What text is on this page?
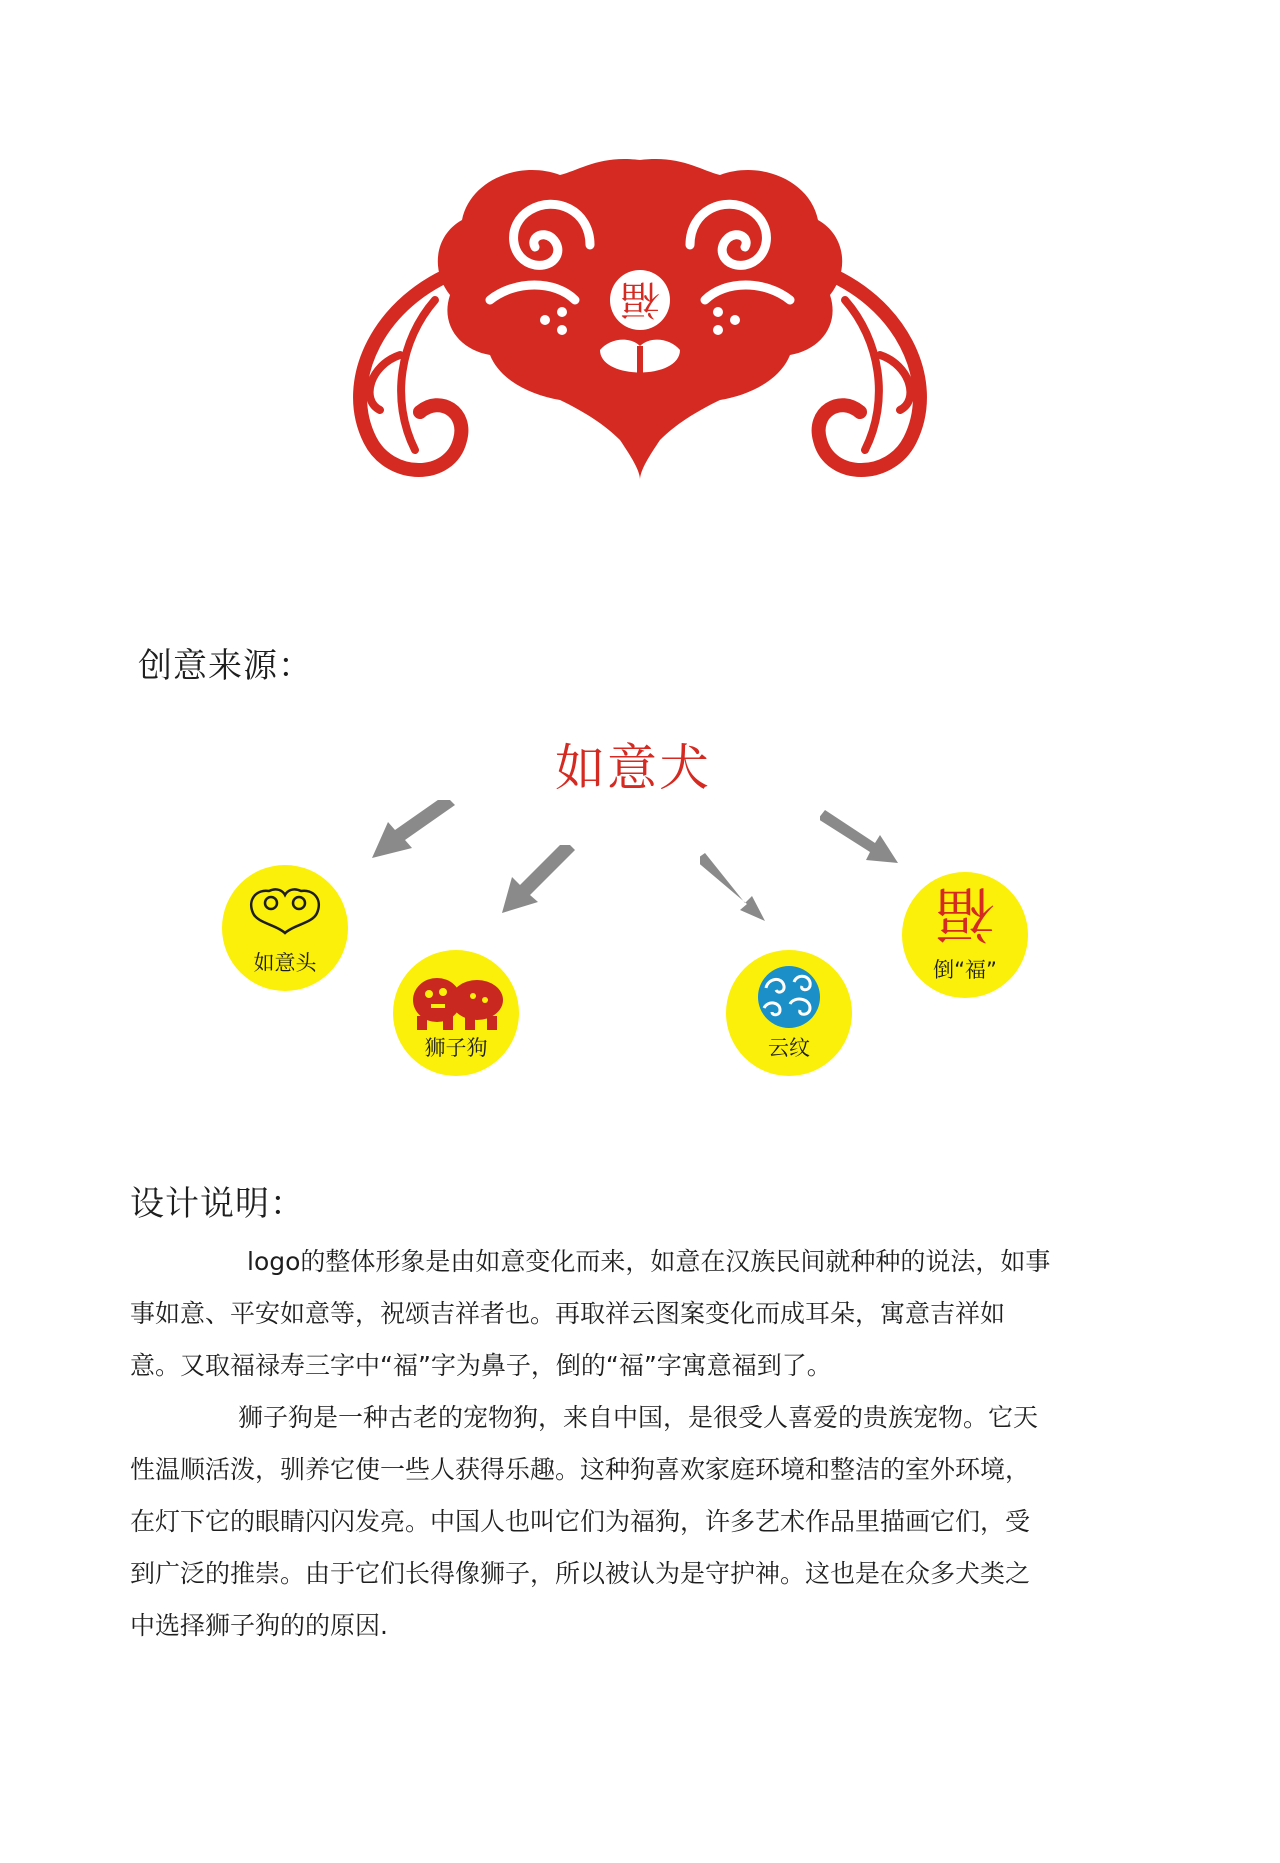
福
创意来源：
如意犬
如意头
狮子狗	云纹
福
倒“福”
设计说明：

logo的整体形象是由如意变化而来，如意在汉族民间就种种的说法，如事

事如意、平安如意等，祝颂吉祥者也。再取祥云图案变化而成耳朵，寓意吉祥如
意。又取福禄寿三字中“福”字为鼻子，倒的“福”字寓意福到了。

狮子狗是一种古老的宠物狗，来自中国，是很受人喜爱的贵族宠物。它天

性温顺活泼，驯养它使一些人获得乐趣。这种狗喜欢家庭环境和整洁的室外环境，
在灯下它的眼睛闪闪发亮。中国人也叫它们为福狗，许多艺术作品里描画它们，受
到广泛的推崇。由于它们长得像狮子，所以被认为是守护神。这也是在众多犬类之
中选择狮子狗的的原因.
